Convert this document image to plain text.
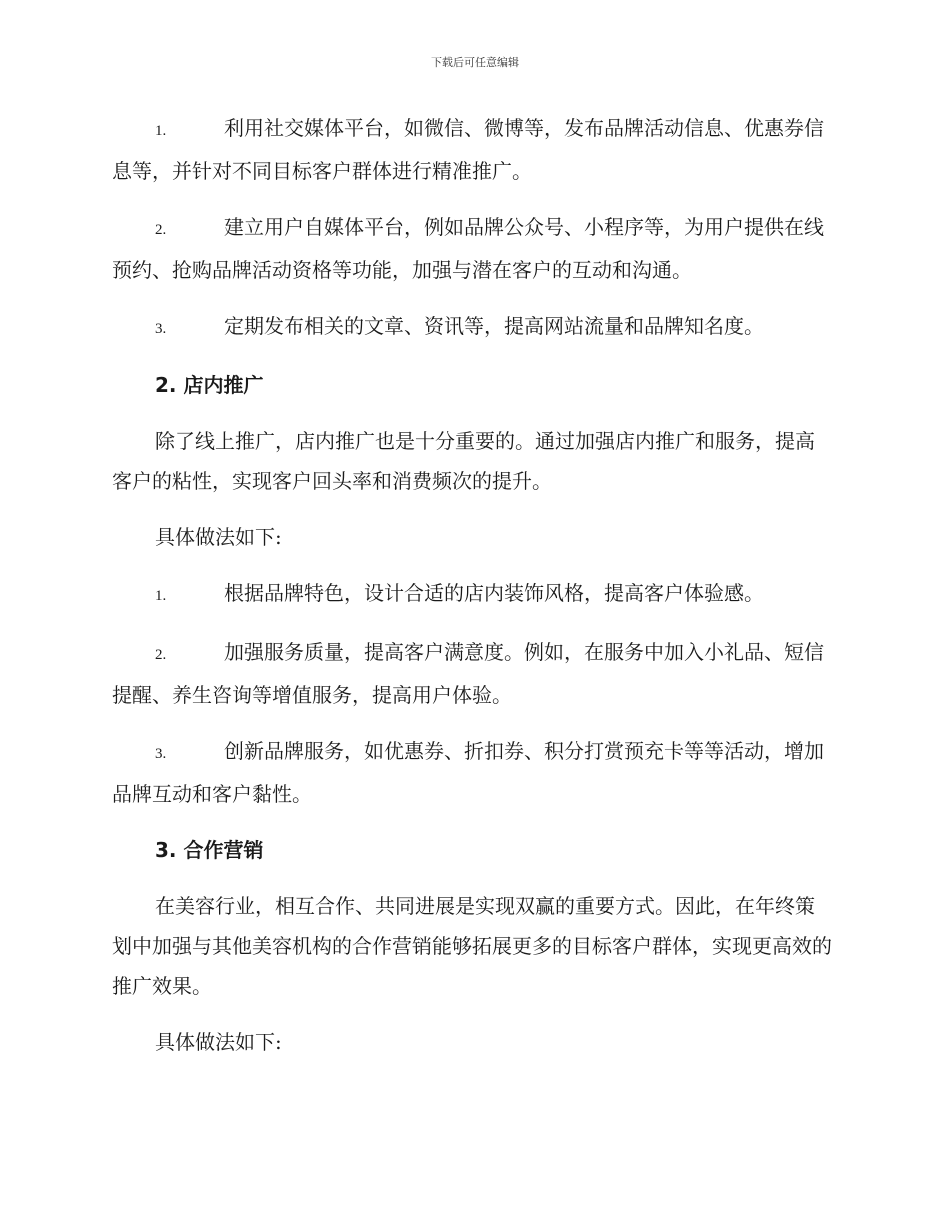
下载后可任意编辑

1.	利用社交媒体平台，如微信、微博等，发布品牌活动信息、优惠券信息等，并针对不同目标客户群体进行精准推广。

2.	建立用户自媒体平台，例如品牌公众号、小程序等，为用户提供在线预约、抢购品牌活动资格等功能，加强与潜在客户的互动和沟通。

3.	定期发布相关的文章、资讯等，提高网站流量和品牌知名度。

2. 店内推广

除了线上推广，店内推广也是十分重要的。通过加强店内推广和服务，提高客户的粘性，实现客户回头率和消费频次的提升。

具体做法如下:

1.	根据品牌特色，设计合适的店内装饰风格，提高客户体验感。

2.	加强服务质量，提高客户满意度。例如，在服务中加入小礼品、短信提醒、养生咨询等增值服务，提高用户体验。

3.	创新品牌服务，如优惠券、折扣券、积分打赏预充卡等等活动，增加品牌互动和客户黏性。

3. 合作营销

在美容行业，相互合作、共同进展是实现双赢的重要方式。因此，在年终策划中加强与其他美容机构的合作营销能够拓展更多的目标客户群体，实现更高效的推广效果。

具体做法如下:
